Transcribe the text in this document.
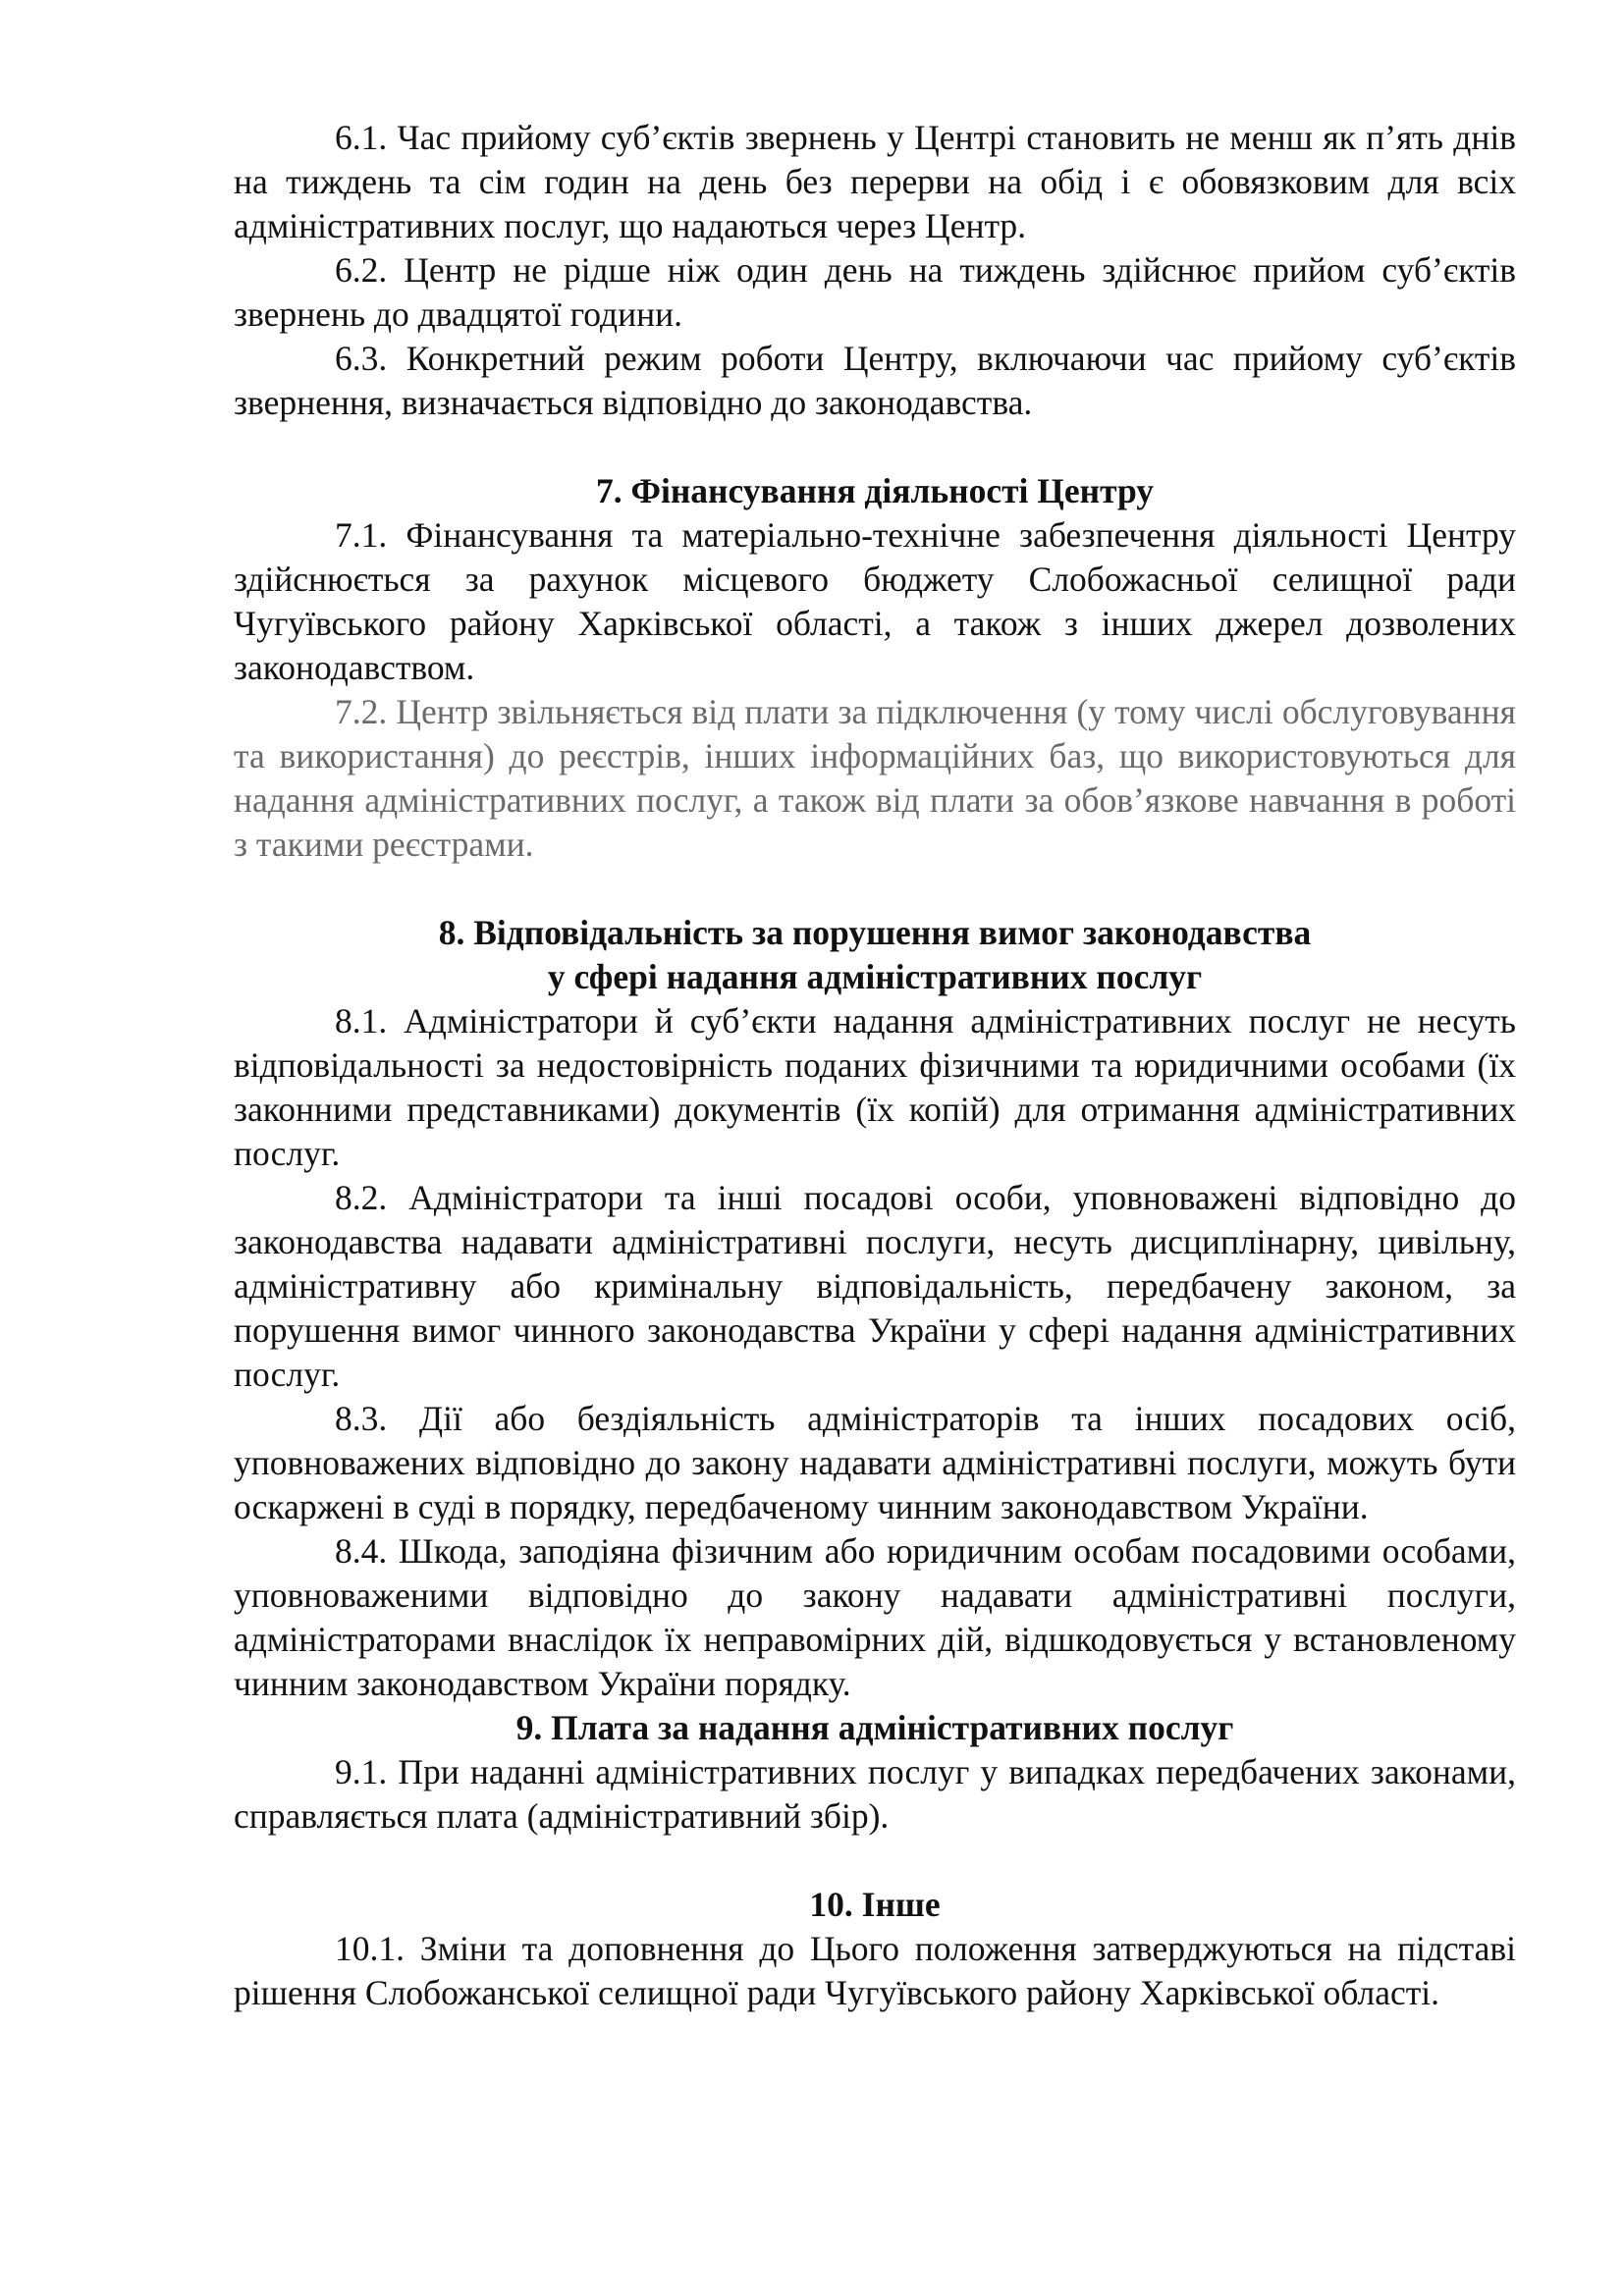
6.1. Час прийому суб’єктів звернень у Центрі становить не менш як п’ять днів на тиждень та сім годин на день без перерви на обід і є обовязковим для всіх адміністративних послуг, що надаються через Центр.

6.2. Центр не рідше ніж один день на тиждень здійснює прийом суб’єктів звернень до двадцятої години.

6.3. Конкретний режим роботи Центру, включаючи час прийому суб’єктів звернення, визначається відповідно до законодавства.

7. Фінансування діяльності Центру

7.1. Фінансування та матеріально-технічне забезпечення діяльності Центру здійснюється за рахунок місцевого бюджету Слобожасньої селищної ради Чугуївського району Харківської області, а також з інших джерел дозволених законодавством.

7.2. Центр звільняється від плати за підключення (у тому числі обслуговування та використання) до реєстрів, інших інформаційних баз, що використовуються для надання адміністративних послуг, а також від плати за обов’язкове навчання в роботі з такими реєстрами.

8. Відповідальність за порушення вимог законодавства
у сфері надання адміністративних послуг

8.1. Адміністратори й суб’єкти надання адміністративних послуг не несуть відповідальності за недостовірність поданих фізичними та юридичними особами (їх законними представниками) документів (їх копій) для отримання адміністративних послуг.

8.2. Адміністратори та інші посадові особи, уповноважені відповідно до законодавства надавати адміністративні послуги, несуть дисциплінарну, цивільну, адміністративну або кримінальну відповідальність, передбачену законом, за порушення вимог чинного законодавства України у сфері надання адміністративних послуг.

8.3. Дії або бездіяльність адміністраторів та інших посадових осіб, уповноважених відповідно до закону надавати адміністративні послуги, можуть бути оскаржені в суді в порядку, передбаченому чинним законодавством України.

8.4. Шкода, заподіяна фізичним або юридичним особам посадовими особами, уповноваженими відповідно до закону надавати адміністративні послуги, адміністраторами внаслідок їх неправомірних дій, відшкодовується у встановленому чинним законодавством України порядку.

9. Плата за надання адміністративних послуг

9.1. При наданні адміністративних послуг у випадках передбачених законами, справляється плата (адміністративний збір).

10. Інше

10.1. Зміни та доповнення до Цього положення затверджуються на підставі рішення Слобожанської селищної ради Чугуївського району Харківської області.
